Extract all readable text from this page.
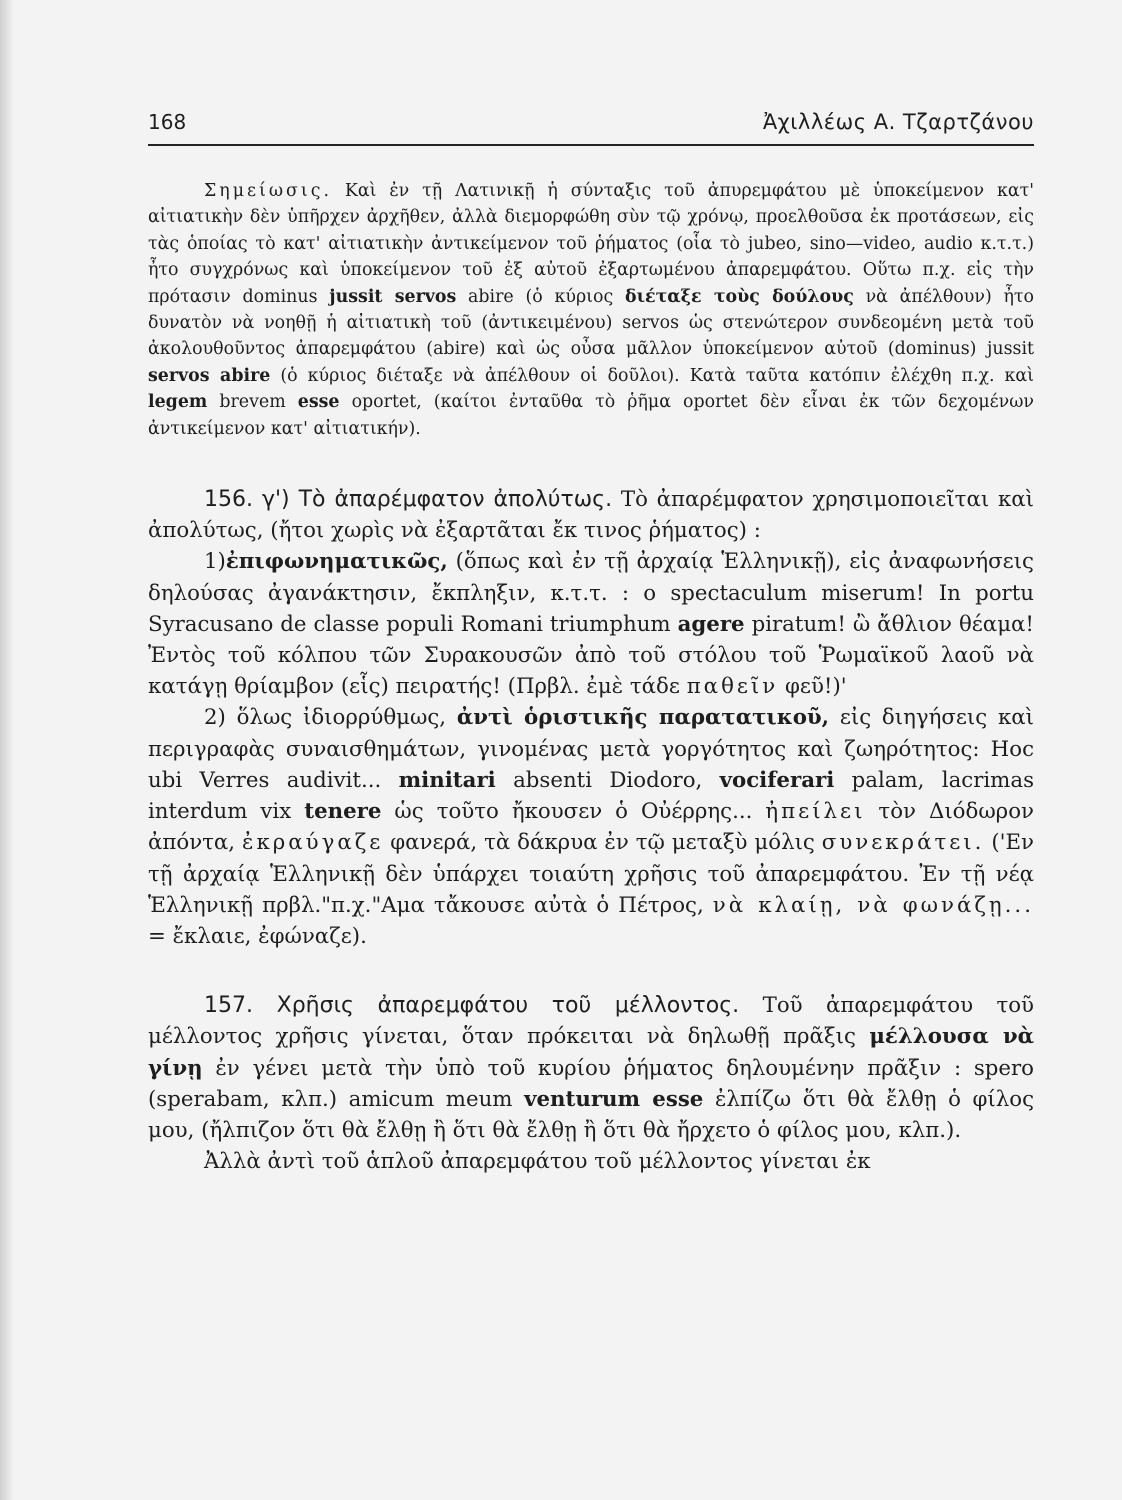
168	Ἀχιλλέως Α. Τζαρτζάνου

Σημείωσις. Καὶ ἐν τῇ Λατινικῇ ἡ σύνταξις τοῦ ἀπυρεμφάτου μὲ ὑποκείμενον κατ' αἰτιατικὴν δὲν ὑπῆρχεν ἀρχῆθεν, ἀλλὰ διεμορφώθη σὺν τῷ χρόνῳ, προελθοῦσα ἐκ προτάσεων, εἰς τὰς ὁποίας τὸ κατ' αἰτιατικὴν ἀντικείμενον τοῦ ῥήματος (οἷα τὸ jubeo, sino—video, audio κ.τ.τ.) ἦτο συγχρόνως καὶ ὑποκείμενον τοῦ ἐξ αὐτοῦ ἐξαρτωμένου ἀπαρεμφάτου. Οὕτω π.χ. εἰς τὴν πρότασιν dominus jussit servos abire (ὁ κύριος διέταξε τοὺς δούλους νὰ ἀπέλθουν) ἦτο δυνατὸν νὰ νοηθῇ ἡ αἰτιατικὴ τοῦ (ἀντικειμένου) servos ὡς στενώτερον συνδεομένη μετὰ τοῦ ἀκολουθοῦντος ἀπαρεμφάτου (abire) καὶ ὡς οὖσα μᾶλλον ὑποκείμενον αὐτοῦ (dominus) jussit servos abire (ὁ κύριος διέταξε νὰ ἀπέλθουν οἱ δοῦλοι). Κατὰ ταῦτα κατόπιν ἐλέχθη π.χ. καὶ legem brevem esse oportet, (καίτοι ἐνταῦθα τὸ ῥῆμα oportet δὲν εἶναι ἐκ τῶν δεχομένων ἀντικείμενον κατ' αἰτιατικήν).

156. γ') Τὸ ἀπαρέμφατον ἀπολύτως. Τὸ ἀπαρέμφατον χρησιμοποιεῖται καὶ ἀπολύτως, (ἤτοι χωρὶς νὰ ἐξαρτᾶται ἔκ τινος ῥήματος) :

1)ἐπιφωνηματικῶς, (ὅπως καὶ ἐν τῇ ἀρχαίᾳ Ἑλληνικῇ), εἰς ἀναφωνήσεις δηλούσας ἀγανάκτησιν, ἔκπληξιν, κ.τ.τ. : o spectaculum miserum! In portu Syracusano de classe populi Romani triumphum agere piratum! ὢ ἄθλιον θέαμα! Ἐντὸς τοῦ κόλπου τῶν Συρακουσῶν ἀπὸ τοῦ στόλου τοῦ Ῥωμαϊκοῦ λαοῦ νὰ κατάγῃ θρίαμβον (εἷς) πειρατής! (Πρβλ. ἐμὲ τάδε παθεῖν φεῦ!)'

2) ὅλως ἰδιορρύθμως, ἀντὶ ὁριστικῆς παρατατικοῦ, εἰς διηγήσεις καὶ περιγραφὰς συναισθημάτων, γινομένας μετὰ γοργότητος καὶ ζωηρότητος: Hoc ubi Verres audivit... minitari absenti Diodoro, vociferari palam, lacrimas interdum vix tenere ὡς τοῦτο ἤκουσεν ὁ Οὐέρρης... ἠπείλει τὸν Διόδωρον ἀπόντα, ἐκραύγαζε φανερά, τὰ δάκρυα ἐν τῷ μεταξὺ μόλις συνεκράτει. ('Εν τῇ ἀρχαίᾳ Ἑλληνικῇ δὲν ὑπάρχει τοιαύτη χρῆσις τοῦ ἀπαρεμφάτου. Ἐν τῇ νέᾳ Ἑλληνικῇ πρβλ."π.χ."Αμα τἄκουσε αὐτὰ ὁ Πέτρος, νὰ κλαίῃ, νὰ φωνάζῃ... = ἔκλαιε, ἐφώναζε).

157. Χρῆσις ἀπαρεμφάτου τοῦ μέλλοντος. Τοῦ ἀπαρεμφάτου τοῦ μέλλοντος χρῆσις γίνεται, ὅταν πρόκειται νὰ δηλωθῇ πρᾶξις μέλλουσα νὰ γίνῃ ἐν γένει μετὰ τὴν ὑπὸ τοῦ κυρίου ῥήματος δηλουμένην πρᾶξιν : spero (sperabam, κλπ.) amicum meum venturum esse ἐλπίζω ὅτι θὰ ἔλθῃ ὁ φίλος μου, (ἤλπιζον ὅτι θὰ ἔλθῃ ἢ ὅτι θὰ ἔλθῃ ἢ ὅτι θὰ ἤρχετο ὁ φίλος μου, κλπ.).

Ἀλλὰ ἀντὶ τοῦ ἁπλοῦ ἀπαρεμφάτου τοῦ μέλλοντος γίνεται ἐκ
